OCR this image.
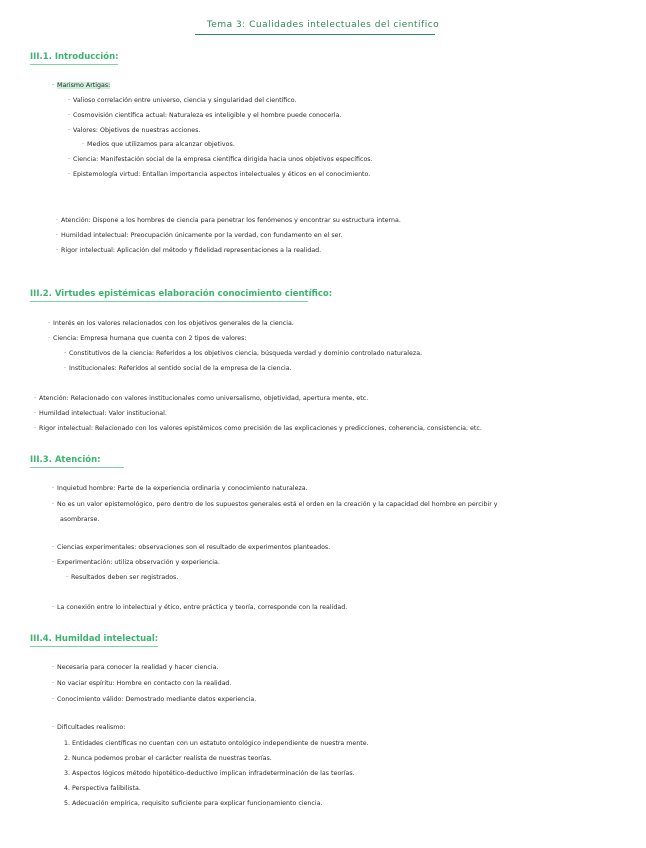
Tema 3: Cualidades intelectuales del científico
III.1. Introducción:
· Marismo Artigas:
· Valioso correlación entre universo, ciencia y singularidad del científico.
· Cosmovisión científica actual: Naturaleza es inteligible y el hombre puede conocerla.
· Valores: Objetivos de nuestras acciones.
· Medios que utilizamos para alcanzar objetivos.
· Ciencia: Manifestación social de la empresa científica dirigida hacia unos objetivos específicos.
· Epistemología virtud: Entallan importancia aspectos intelectuales y éticos en el conocimiento.
· Atención: Dispone a los hombres de ciencia para penetrar los fenómenos y encontrar su estructura interna.
· Humildad intelectual: Preocupación únicamente por la verdad, con fundamento en el ser.
· Rigor intelectual: Aplicación del método y fidelidad representaciones a la realidad.
III.2. Virtudes epistémicas elaboración conocimiento científico:
· Interés en los valores relacionados con los objetivos generales de la ciencia.
· Ciencia: Empresa humana que cuenta con 2 tipos de valores:
· Constitutivos de la ciencia: Referidos a los objetivos ciencia, búsqueda verdad y dominio controlado naturaleza.
· Institucionales: Referidos al sentido social de la empresa de la ciencia.
· Atención: Relacionado con valores institucionales como universalismo, objetividad, apertura mente, etc.
· Humildad intelectual: Valor institucional.
· Rigor intelectual: Relacionado con los valores epistémicos como precisión de las explicaciones y predicciones, coherencia, consistencia, etc.
III.3. Atención:
· Inquietud hombre: Parte de la experiencia ordinaria y conocimiento naturaleza.
· No es un valor epistemológico, pero dentro de los supuestos generales está el orden en la creación y la capacidad del hombre en percibir y
asombrarse.
· Ciencias experimentales: observaciones son el resultado de experimentos planteados.
· Experimentación: utiliza observación y experiencia.
· Resultados deben ser registrados.
· La conexión entre lo intelectual y ético, entre práctica y teoría, corresponde con la realidad.
III.4. Humildad intelectual:
· Necesaria para conocer la realidad y hacer ciencia.
· No vaciar espíritu: Hombre en contacto con la realidad.
· Conocimiento válido: Demostrado mediante datos experiencia.
· Dificultades realismo:
1. Entidades científicas no cuentan con un estatuto ontológico independiente de nuestra mente.
2. Nunca podemos probar el carácter realista de nuestras teorías.
3. Aspectos lógicos método hipotético-deductivo implican infradeterminación de las teorías.
4. Perspectiva falibilista.
5. Adecuación empírica, requisito suficiente para explicar funcionamiento ciencia.
